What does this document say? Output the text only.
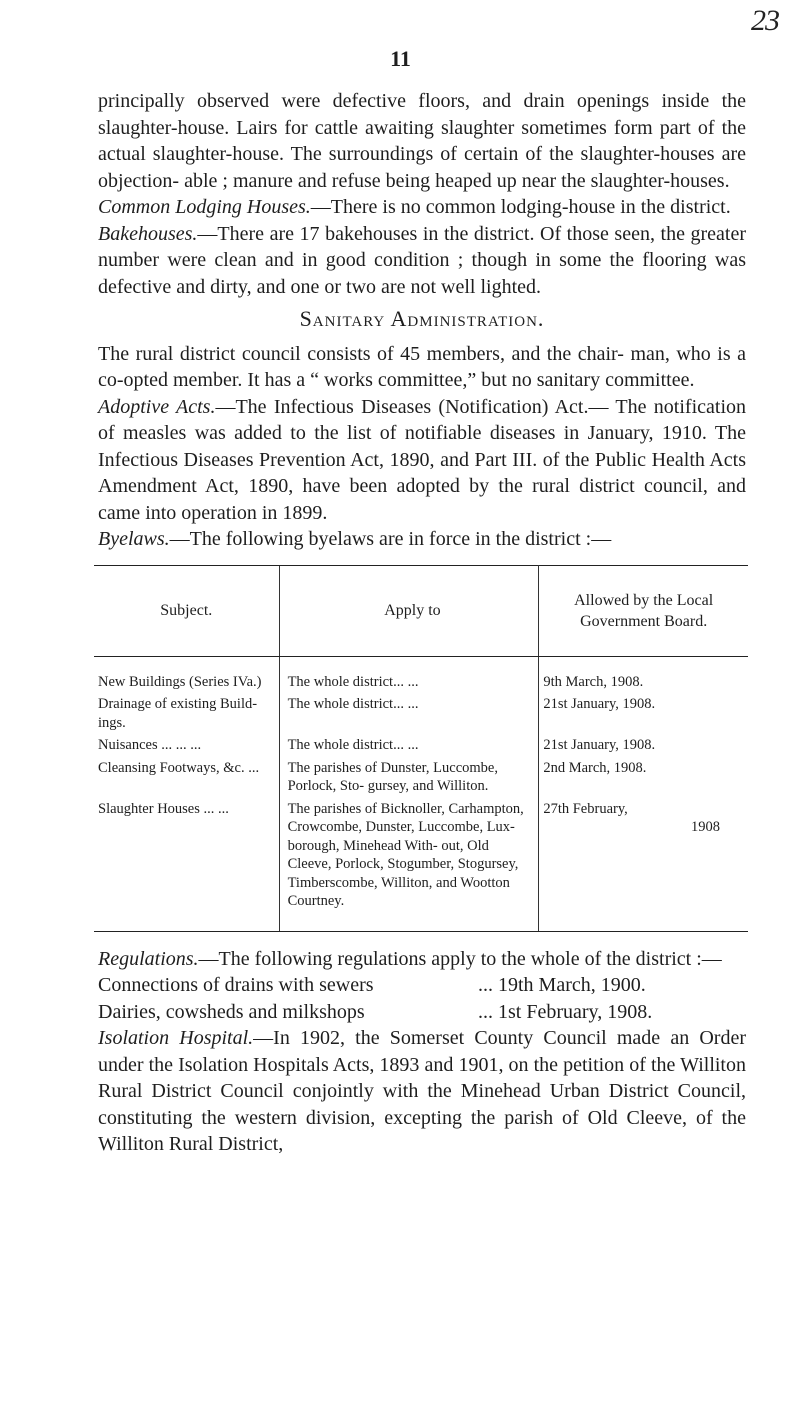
23
11

principally observed were defective floors, and drain openings inside the slaughter-house. Lairs for cattle awaiting slaughter sometimes form part of the actual slaughter-house. The surroundings of certain of the slaughter-houses are objection- able ; manure and refuse being heaped up near the slaughter-houses.

Common Lodging Houses.—There is no common lodging-house in the district.

Bakehouses.—There are 17 bakehouses in the district. Of those seen, the greater number were clean and in good condition ; though in some the flooring was defective and dirty, and one or two are not well lighted.

Sanitary Administration.

The rural district council consists of 45 members, and the chair- man, who is a co-opted member. It has a “ works committee,” but no sanitary committee.

Adoptive Acts.—The Infectious Diseases (Notification) Act.— The notification of measles was added to the list of notifiable diseases in January, 1910. The Infectious Diseases Prevention Act, 1890, and Part III. of the Public Health Acts Amendment Act, 1890, have been adopted by the rural district council, and came into operation in 1899.

Byelaws.—The following byelaws are in force in the district :—

Subject.	Apply to	Allowed by the Local Government Board.
New Buildings (Series IVa.)	The whole district... ...	9th March, 1908.
Drainage of existing Build- ings.	The whole district... ...	21st January, 1908.
Nuisances ... ... ...	The whole district... ...	21st January, 1908.
Cleansing Footways, &c. ...	The parishes of Dunster, Luccombe, Porlock, Sto- gursey, and Williton.	2nd March, 1908.
Slaughter Houses ... ...	The parishes of Bicknoller, Carhampton, Crowcombe, Dunster, Luccombe, Lux- borough, Minehead With- out, Old Cleeve, Porlock, Stogumber, Stogursey, Timberscombe, Williton, and Wootton Courtney.	27th February,
1908

Regulations.—The following regulations apply to the whole of the district :—

Connections of drains with sewers	... 19th March, 1900.
Dairies, cowsheds and milkshops	... 1st February, 1908.

Isolation Hospital.—In 1902, the Somerset County Council made an Order under the Isolation Hospitals Acts, 1893 and 1901, on the petition of the Williton Rural District Council conjointly with the Minehead Urban District Council, constituting the western division, excepting the parish of Old Cleeve, of the Williton Rural District,
